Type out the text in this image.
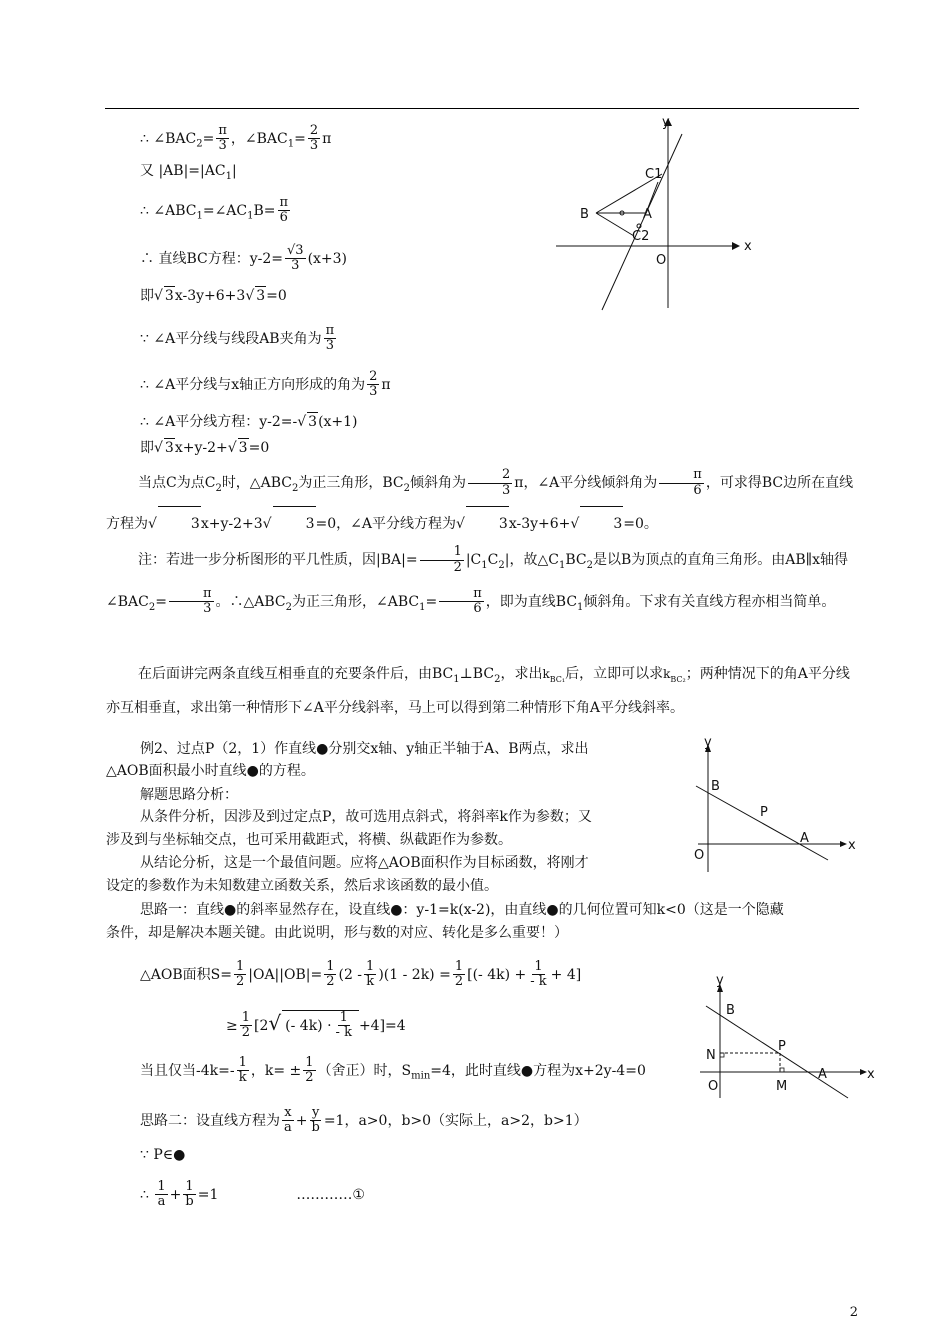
∴ $\angle BAC_2= \frac{\pi}{3}$ ，$\angle BAC_1= \frac{2}{3}$ π
又 $|AB|=|AC_1|$
∴ $\angle ABC_1=\angle AC_1B= \frac{\pi}{6}$
∴ 直线BC方程：$y-2= \frac{√3}{3} (x+3)$
即√ 3x-3y+6+3√ 3=0
∵ ∠A平分线与线段AB夹角为 $\frac{\pi}{3}$
∴ ∠A平分线与x轴正方向形成的角为 $\frac{2}{3}$ π
∴ ∠A平分线方程：y-2=-√ 3(x+1)
即√ 3x+y-2+√ 3=0
y
x
O
B	A
C1
C2
当点C为点$C_2$时，$\triangle ABC_2$为正三角形，$BC_2$倾斜角为 $\frac{2}{3}$ π，∠A平分线倾斜角为 $\frac{\pi}{6}$ ，可求得BC边所在直线方程为√ 3x+y-2+3√ 3=0，∠A平分线方程为√ 3x-3y+6+√ 3=0。
注：若进一步分析图形的平几性质，因$|BA|= \frac{1}{2} |C_1C_2|$，故$\triangle C_1BC_2$是以B为顶点的直角三角形。由AB∥x轴得$\angle BAC_2= \frac{\pi}{3}$ 。$\therefore\triangle ABC_2$为正三角形，$\angle ABC_1= \frac{\pi}{6}$ ，即为直线$BC_1$倾斜角。下求有关直线方程亦相当简单。
在后面讲完两条直线互相垂直的充要条件后，由$BC_1\perp BC_2$，求出$k_{BC_1}$后，立即可以求$k_{BC_2}$；两种情况下的角A平分线亦互相垂直，求出第一种情形下∠A平分线斜率，马上可以得到第二种情形下角A平分线斜率。
例2、过点P（2，1）作直线●分别交x轴、y轴正半轴于A、B两点，求出
△AOB面积最小时直线●的方程。
解题思路分析：
从条件分析，因涉及到过定点P，故可选用点斜式，将斜率k作为参数；又
涉及到与坐标轴交点，也可采用截距式，将横、纵截距作为参数。
从结论分析，这是一个最值问题。应将△AOB面积作为目标函数，将刚才
设定的参数作为未知数建立函数关系，然后求该函数的最小值。
思路一：直线●的斜率显然存在，设直线●：y-1=k(x-2)，由直线●的几何位置可知k<0（这是一个隐藏
条件，却是解决本题关键。由此说明，形与数的对应、转化是多么重要！）
y
x
O
B
P
A
△AOB面积$S= \frac{1}{2} |OA||OB|= \frac{1}{2} (2 - \frac{1}{k} )(1 - 2k) = \frac{1}{2}$ [(- $4k) + \frac{1}{- k} + 4$]
≥ $\frac{1}{2} [2√$ (- $4k) \cdot \frac{1}{- k} +4]=4$
当且仅当$-4k=- \frac{1}{k}$ ，$k= \pm \frac{1}{2}$ （舍正）时，$S_{min}=4$，此时直线●方程为x+2y-4=0
y
x
O
B
P
A
N
M
思路二：设直线方程为 $\frac{x}{a} + \frac{y}{b} =1$，a>0，b>0（实际上，a>2，b>1）
∵ P∈●
∴ $\frac{1}{a} + \frac{1}{b} =1$	…………①
2
